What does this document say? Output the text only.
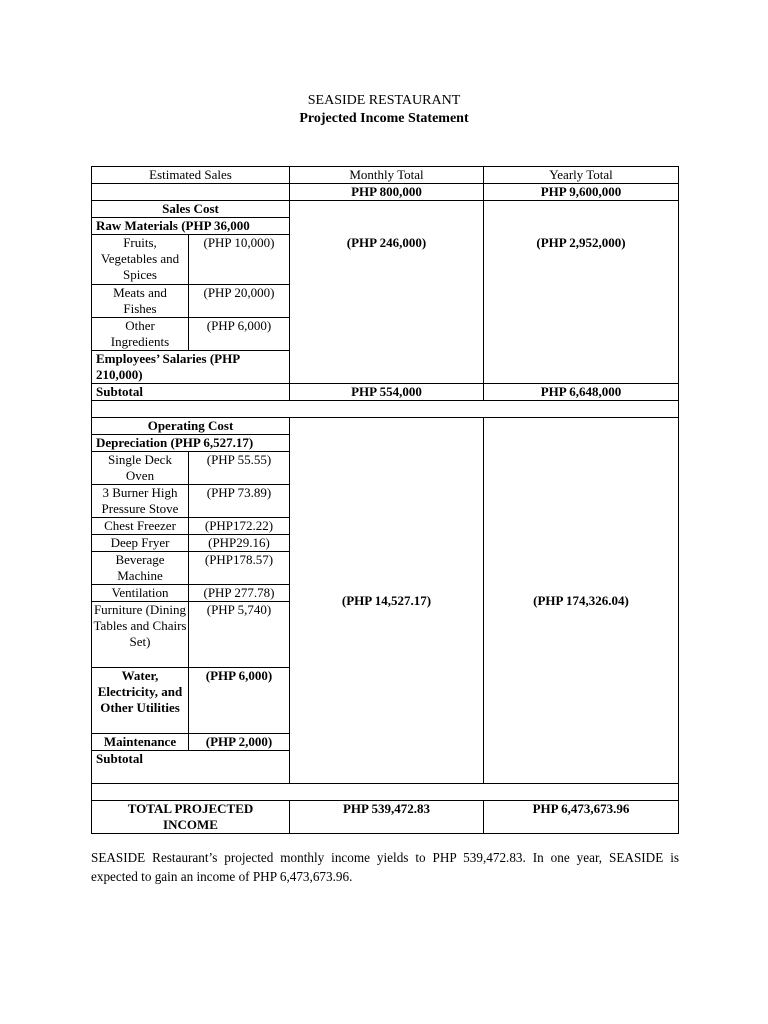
SEASIDE RESTAURANT
Projected Income Statement
Estimated Sales		Monthly Total	Yearly Total	
		PHP 800,000	PHP 9,600,000	
Sales Cost		(PHP 246,000)	(PHP 2,952,000)	
Raw Materials (PHP 36,000				
Fruits, Vegetables and Spices	(PHP 10,000)			
Meats and Fishes	(PHP 20,000)			
Other Ingredients	(PHP 6,000)			
Employees’ Salaries (PHP 210,000)				
Subtotal		PHP 554,000	PHP 6,648,000	

Operating Cost		(PHP 14,527.17)	(PHP 174,326.04)	
Depreciation (PHP 6,527.17)				
Single Deck Oven	(PHP 55.55)			
3 Burner High Pressure Stove	(PHP 73.89)			
Chest Freezer	(PHP172.22)			
Deep Fryer	(PHP29.16)			
Beverage Machine	(PHP178.57)			
Ventilation	(PHP 277.78)			
Furniture (Dining Tables and Chairs Set)	(PHP 5,740)			
Water, Electricity, and Other Utilities	(PHP 6,000)			
Maintenance	(PHP 2,000)			
Subtotal		

TOTAL PROJECTED INCOME		PHP 539,472.83	PHP 6,473,673.96	
SEASIDE Restaurant’s projected monthly income yields to PHP 539,472.83. In one year, SEASIDE is expected to gain an income of PHP 6,473,673.96.
